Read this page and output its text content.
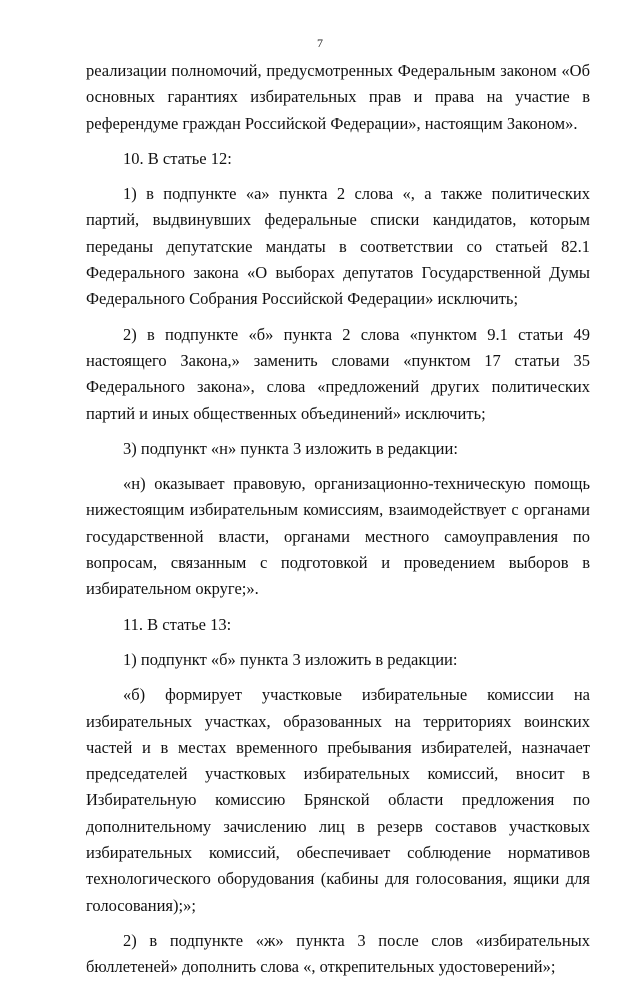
7

реализации полномочий, предусмотренных Федеральным законом «Об основных гарантиях избирательных прав и права на участие в референдуме граждан Российской Федерации», настоящим Законом».

10. В статье 12:

1) в подпункте «а» пункта 2 слова «, а также политических партий, выдвинувших федеральные списки кандидатов, которым переданы депутатские мандаты в соответствии со статьей 82.1 Федерального закона «О выборах депутатов Государственной Думы Федерального Собрания Российской Федерации» исключить;

2) в подпункте «б» пункта 2 слова «пунктом 9.1 статьи 49 настоящего Закона,» заменить словами «пунктом 17 статьи 35 Федерального закона», слова «предложений других политических партий и иных общественных объединений» исключить;

3) подпункт «н» пункта 3 изложить в редакции:

«н) оказывает правовую, организационно-техническую помощь нижестоящим избирательным комиссиям, взаимодействует с органами государственной власти, органами местного самоуправления по вопросам, связанным с подготовкой и проведением выборов в избирательном округе;».

11. В статье 13:

1) подпункт «б» пункта 3 изложить в редакции:

«б) формирует участковые избирательные комиссии на избирательных участках, образованных на территориях воинских частей и в местах временного пребывания избирателей, назначает председателей участковых избирательных комиссий, вносит в Избирательную комиссию Брянской области предложения по дополнительному зачислению лиц в резерв составов участковых избирательных комиссий, обеспечивает соблюдение нормативов технологического оборудования (кабины для голосования, ящики для голосования);»;

2) в подпункте «ж» пункта 3 после слов «избирательных бюллетеней» дополнить слова «, открепительных удостоверений»;
